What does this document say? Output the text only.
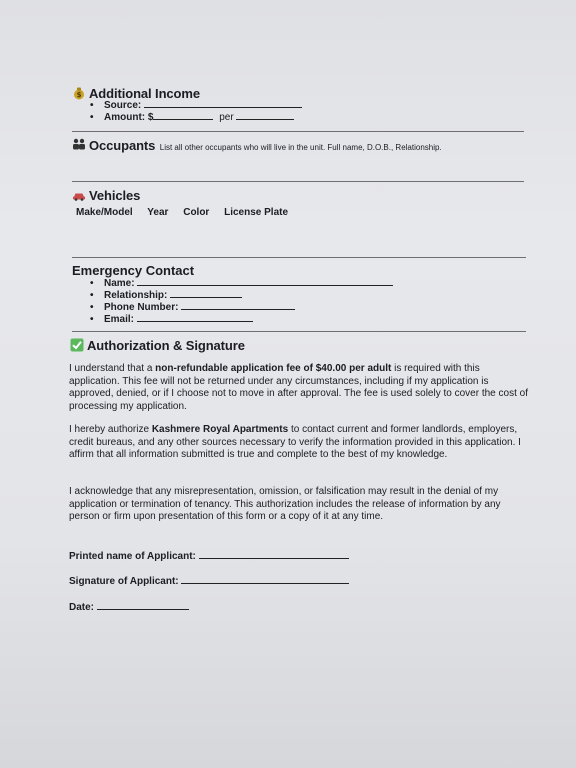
$ Additional Income
• Source:
• Amount: $	per
Occupants List all other occupants who will live in the unit. Full name, D.O.B., Relationship.
Vehicles
Make/Model Year Color License Plate
Emergency Contact
• Name:
• Relationship:
• Phone Number:
• Email:
Authorization & Signature
I understand that a non-refundable application fee of $40.00 per adult is required with this application. This fee will not be returned under any circumstances, including if my application is approved, denied, or if I choose not to move in after approval. The fee is used solely to cover the cost of processing my application.
I hereby authorize Kashmere Royal Apartments to contact current and former landlords, employers, credit bureaus, and any other sources necessary to verify the information provided in this application. I affirm that all information submitted is true and complete to the best of my knowledge.
I acknowledge that any misrepresentation, omission, or falsification may result in the denial of my application or termination of tenancy. This authorization includes the release of information by any person or firm upon presentation of this form or a copy of it at any time.
Printed name of Applicant:
Signature of Applicant:
Date:
